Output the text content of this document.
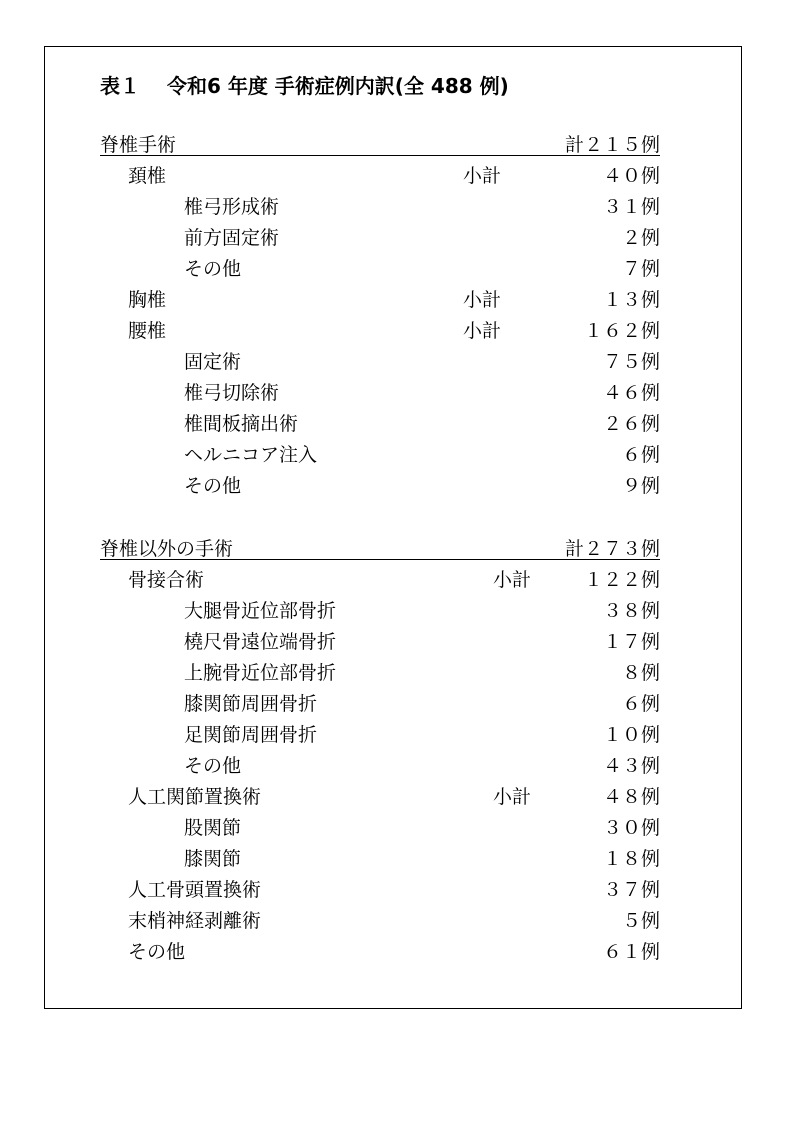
表１　 令和6 年度 手術症例内訳(全 488 例)
脊椎手術	計２１５例
頚椎	小計	４０例
椎弓形成術	３１例
前方固定術	２例
その他	７例
胸椎	小計	１３例
腰椎	小計	１６２例
固定術	７５例
椎弓切除術	４６例
椎間板摘出術	２６例
ヘルニコア注入	６例
その他	９例
脊椎以外の手術	計２７３例
骨接合術	小計	１２２例
大腿骨近位部骨折	３８例
橈尺骨遠位端骨折	１７例
上腕骨近位部骨折	８例
膝関節周囲骨折	６例
足関節周囲骨折	１０例
その他	４３例
人工関節置換術	小計	４８例
股関節	３０例
膝関節	１８例
人工骨頭置換術	３７例
末梢神経剥離術	５例
その他	６１例
